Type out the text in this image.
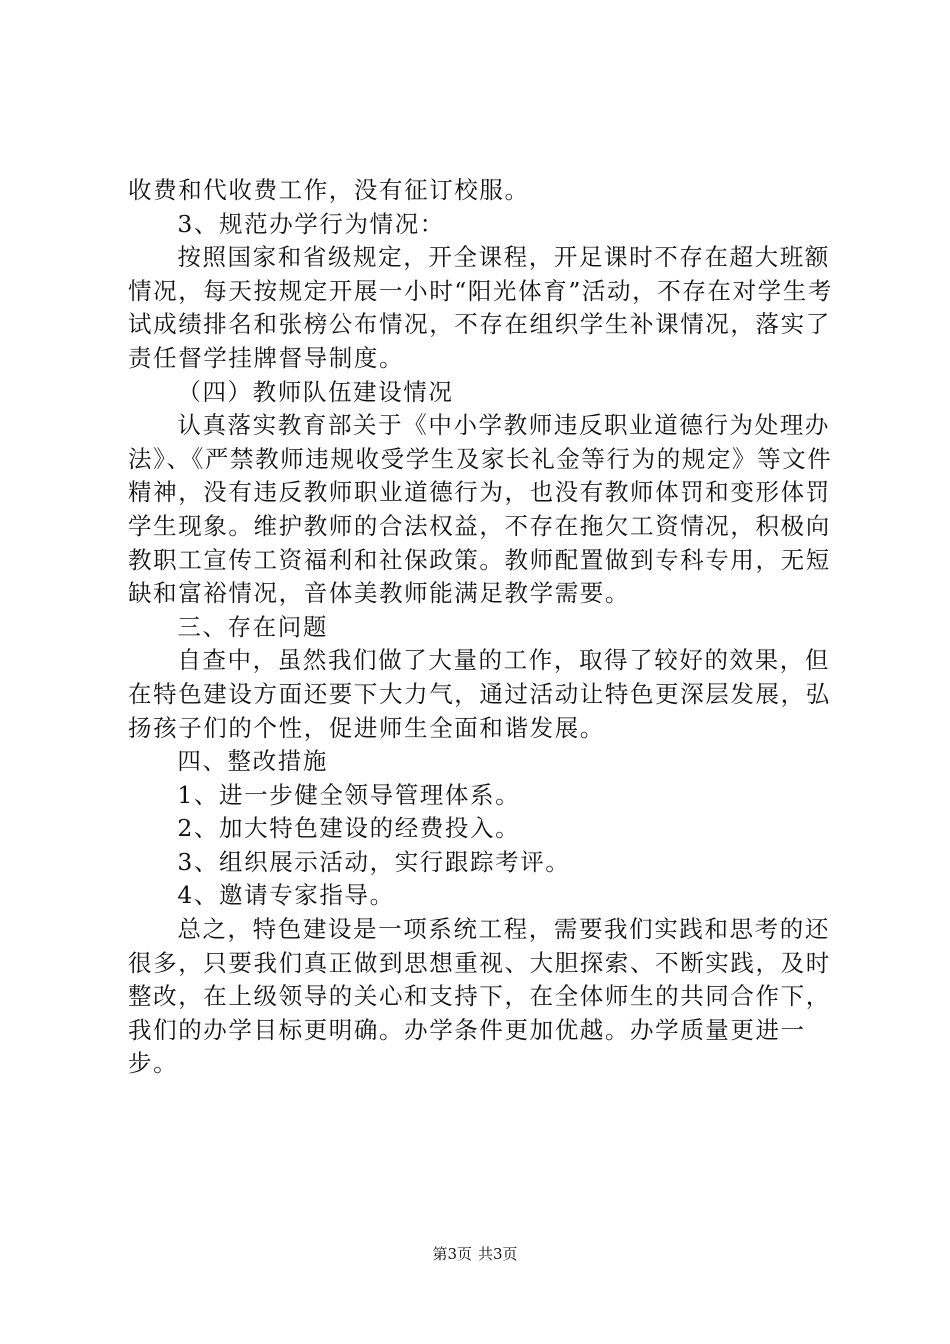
收费和代收费工作，没有征订校服。

3、规范办学行为情况：

按照国家和省级规定，开全课程，开足课时不存在超大班额情况，每天按规定开展一小时“阳光体育”活动，不存在对学生考试成绩排名和张榜公布情况，不存在组织学生补课情况，落实了责任督学挂牌督导制度。

（四）教师队伍建设情况

认真落实教育部关于《中小学教师违反职业道德行为处理办法》、《严禁教师违规收受学生及家长礼金等行为的规定》等文件精神，没有违反教师职业道德行为，也没有教师体罚和变形体罚学生现象。维护教师的合法权益，不存在拖欠工资情况，积极向教职工宣传工资福利和社保政策。教师配置做到专科专用，无短缺和富裕情况，音体美教师能满足教学需要。

三、存在问题

自查中，虽然我们做了大量的工作，取得了较好的效果，但在特色建设方面还要下大力气，通过活动让特色更深层发展，弘扬孩子们的个性，促进师生全面和谐发展。

四、整改措施

1、进一步健全领导管理体系。

2、加大特色建设的经费投入。

3、组织展示活动，实行跟踪考评。

4、邀请专家指导。

总之，特色建设是一项系统工程，需要我们实践和思考的还很多，只要我们真正做到思想重视、大胆探索、不断实践，及时整改，在上级领导的关心和支持下，在全体师生的共同合作下，我们的办学目标更明确。办学条件更加优越。办学质量更进一步。

第3页 共3页
